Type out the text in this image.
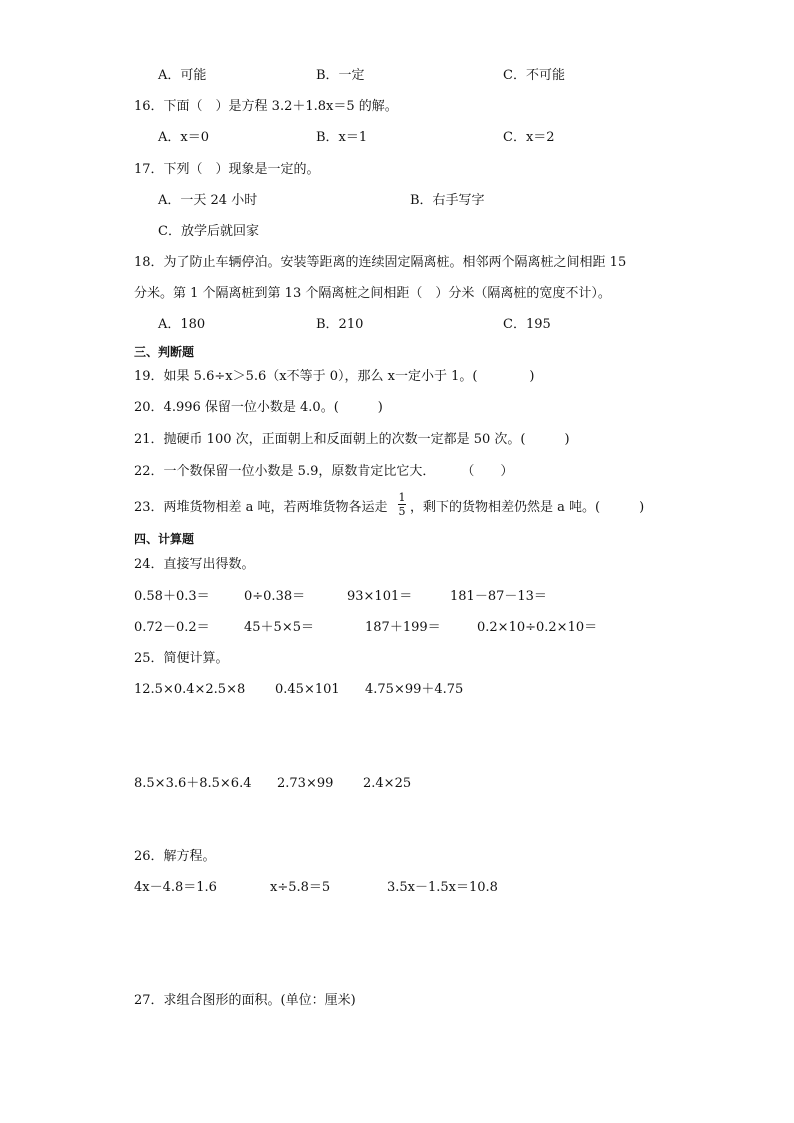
A．可能	B．一定	C．不可能
16．下面（　）是方程 3.2＋1.8x＝5 的解。
A．x＝0	B．x＝1	C．x＝2
17．下列（　）现象是一定的。
A．一天 24 小时	B．右手写字
C．放学后就回家
18．为了防止车辆停泊。安装等距离的连续固定隔离桩。相邻两个隔离桩之间相距 15
分米。第 1 个隔离桩到第 13 个隔离桩之间相距（　）分米（隔离桩的宽度不计）。
A．180	B．210	C．195
三、判断题
19．如果 5.6÷x＞5.6（x不等于 0），那么 x一定小于 1。(　　　　)
20．4.996 保留一位小数是 4.0。(　　　)
21．抛硬币 100 次，正面朝上和反面朝上的次数一定都是 50 次。(　　　)
22．一个数保留一位小数是 5.9，原数肯定比它大．　　　（　　）
23．两堆货物相差 a 吨，若两堆货物各运走
1
5 ，剩下的货物相差仍然是 a 吨。(　　　)
四、计算题
24．直接写出得数。
0.58＋0.3＝	0÷0.38＝	93×101＝	181－87－13＝
0.72－0.2＝	45＋5×5＝	187＋199＝	0.2×10÷0.2×10＝
25．简便计算。
12.5×0.4×2.5×8 0.45×101 4.75×99＋4.75
8.5×3.6＋8.5×6.4 2.73×99 2.4×25
26．解方程。
4x－4.8＝1.6	x÷5.8＝5	3.5x－1.5x＝10.8
27．求组合图形的面积。(单位：厘米)
